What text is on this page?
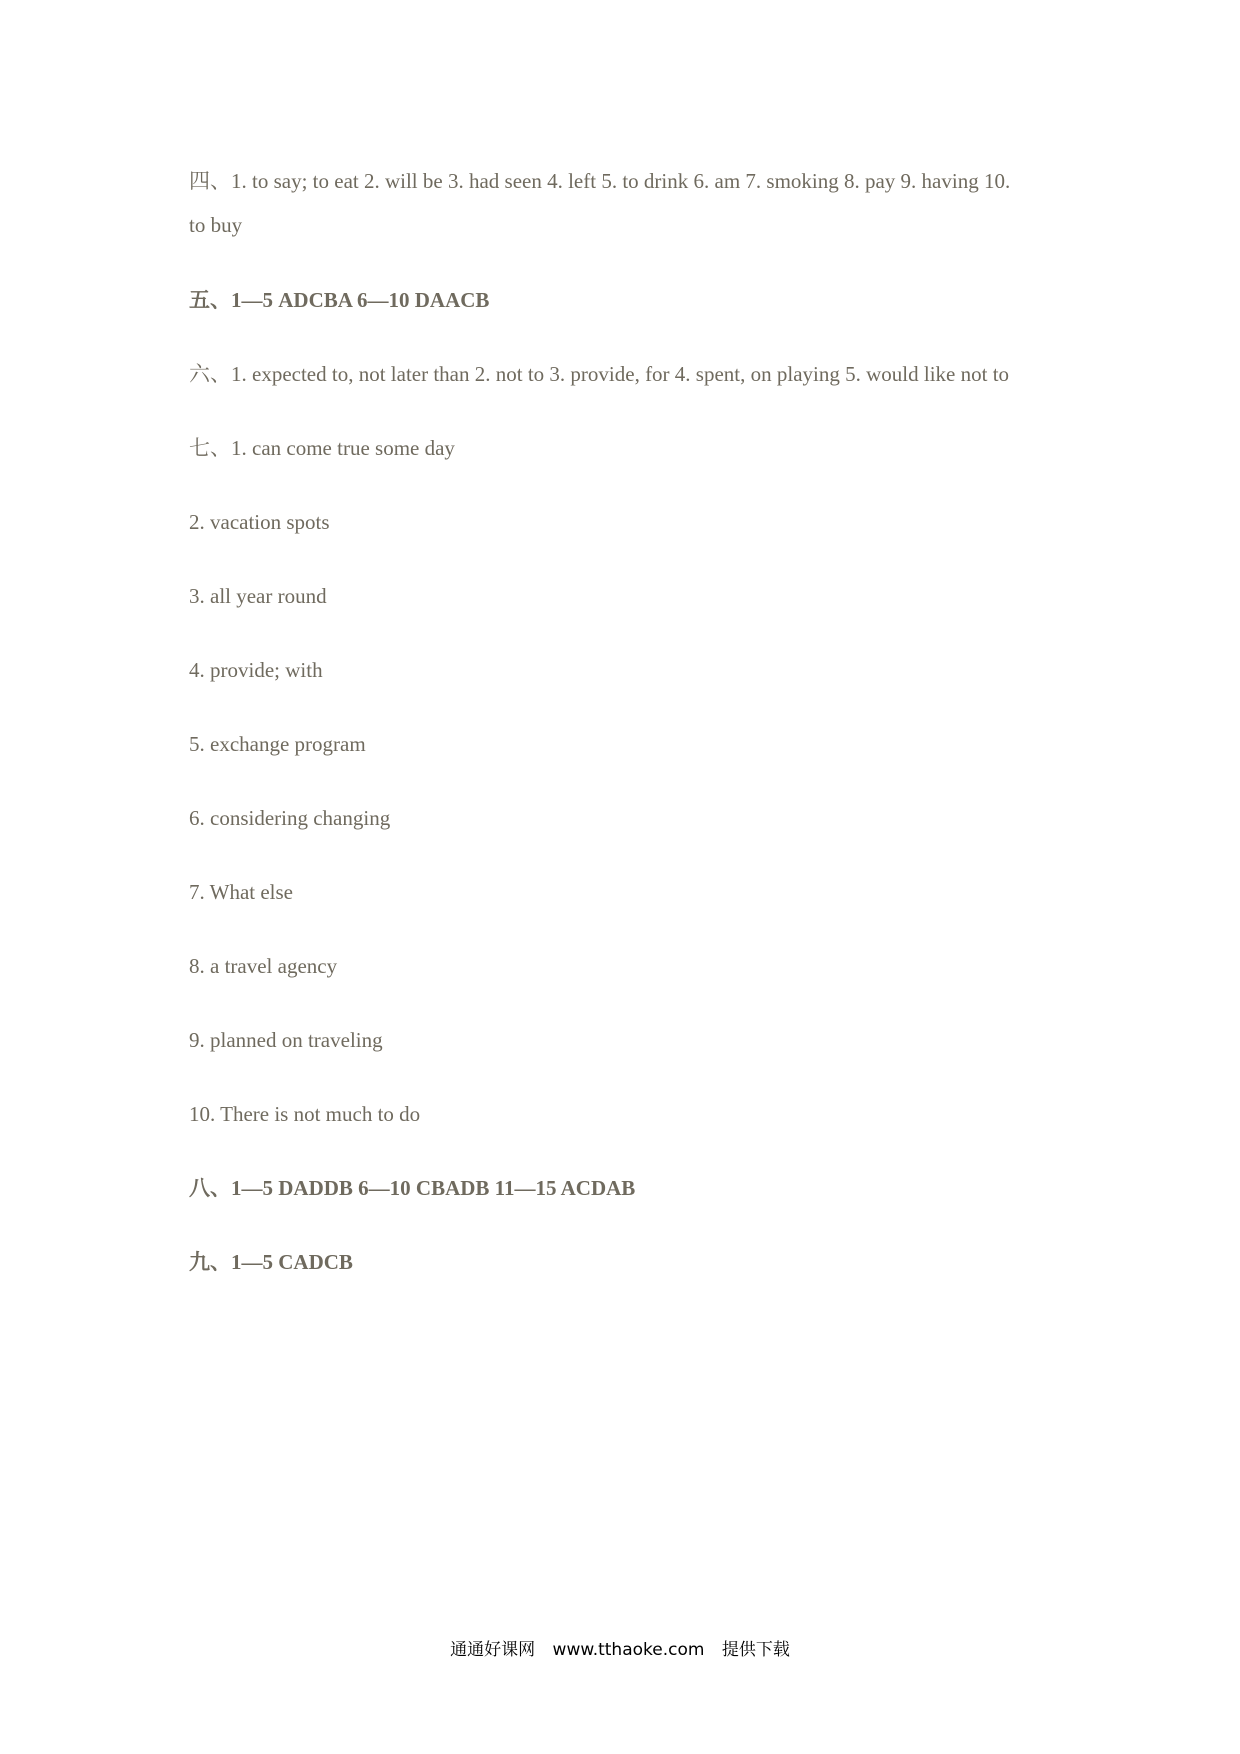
四、1. to say; to eat 2. will be 3. had seen 4. left 5. to drink 6. am 7. smoking 8. pay 9. having 10.
to buy
五、1—5 ADCBA 6—10 DAACB
六、1. expected to, not later than 2. not to 3. provide, for 4. spent, on playing 5. would like not to
七、1. can come true some day
2. vacation spots
3. all year round
4. provide; with
5. exchange program
6. considering changing
7. What else
8. a travel agency
9. planned on traveling
10. There is not much to do
八、1—5 DADDB 6—10 CBADB 11—15 ACDAB
九、1—5 CADCB
通通好课网 www.tthaoke.com 提供下载
